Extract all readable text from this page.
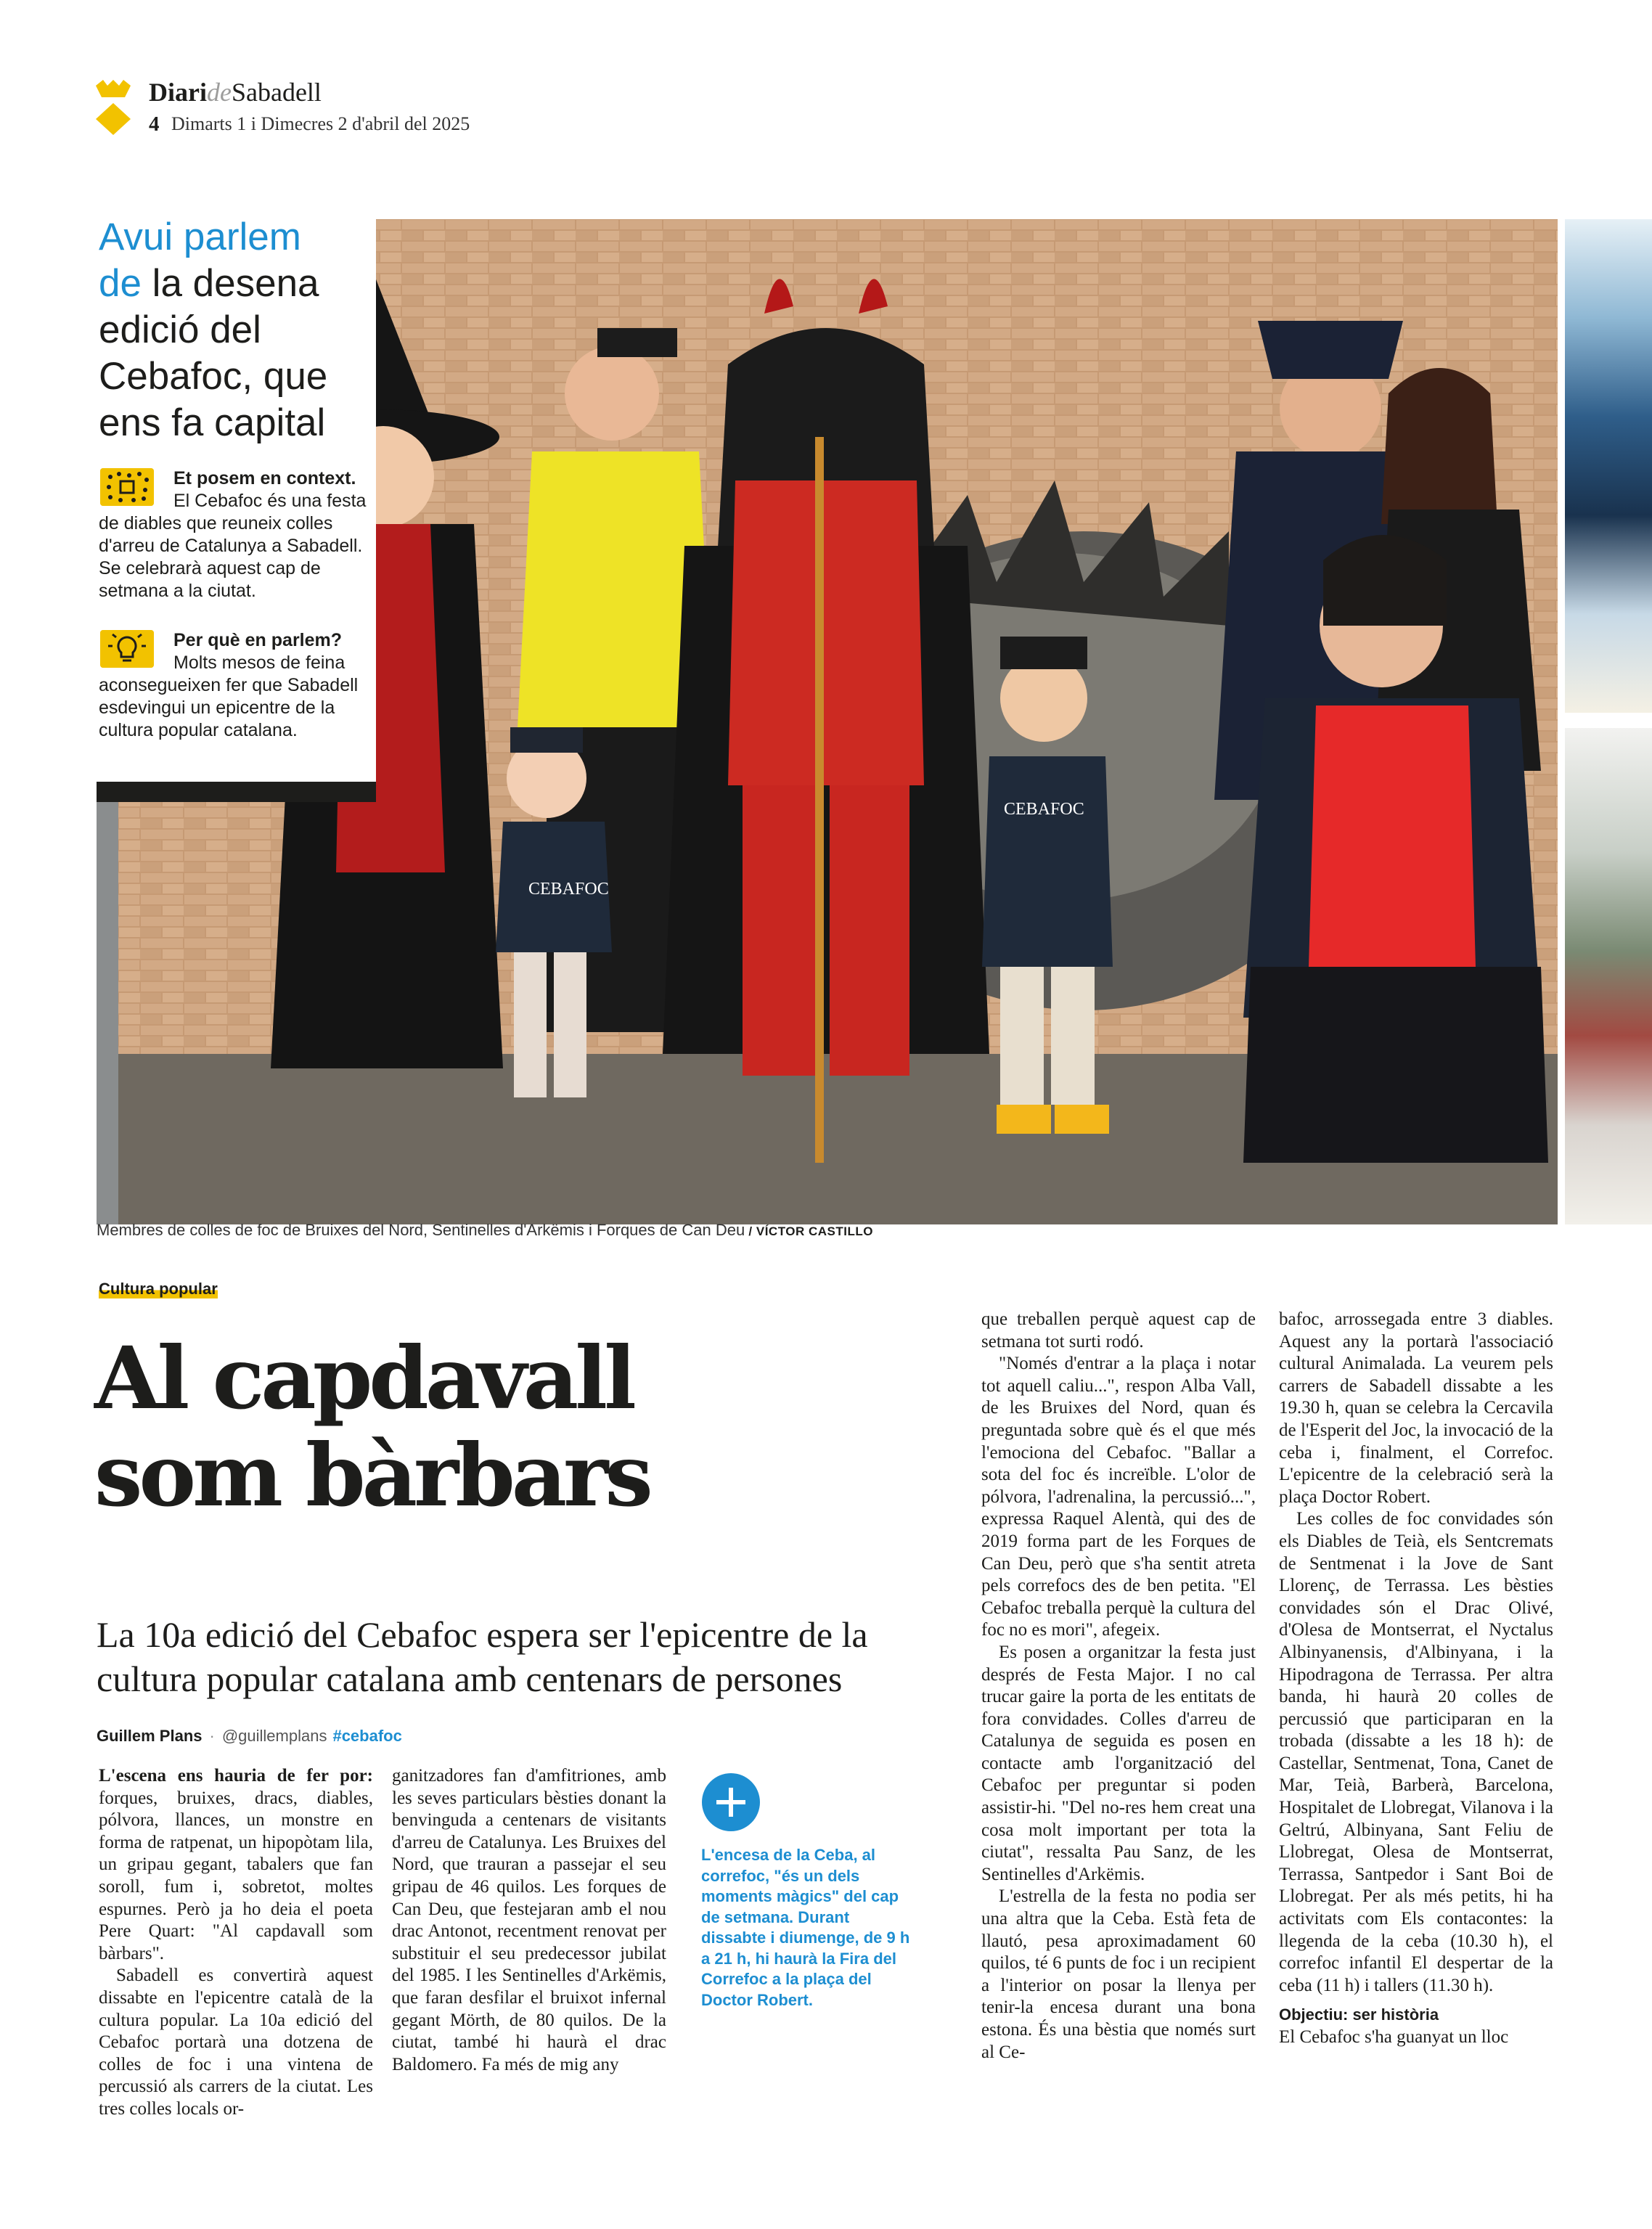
DiarideSabadell
4 Dimarts 1 i Dimecres 2 d'abril del 2025
CEBAFOC
CEBAFOC
Avui parlem
de la desena edició del Cebafoc, que ens fa capital
Et posem en context.

El Cebafoc és una festa de diables que reuneix colles d'arreu de Catalunya a Sabadell. Se celebrarà aquest cap de setmana a la ciutat.
Per què en parlem?

Molts mesos de feina aconsegueixen fer que Sabadell esdevingui un epicentre de la cultura popular catalana.
Membres de colles de foc de Bruixes del Nord, Sentinelles d'Arkëmis i Forques de Can Deu / VÍCTOR CASTILLO
Cultura popular
Al capdavall
som bàrbars
La 10a edició del Cebafoc espera ser l'epicentre de la cultura popular catalana amb centenars de persones
Guillem Plans · @guillemplans #cebafoc

L'escena ens hauria de fer por: forques, bruixes, dracs, diables, pólvora, llances, un monstre en forma de ratpenat, un hipopòtam lila, un gripau gegant, tabalers que fan soroll, fum i, sobretot, moltes espurnes. Però ja ho deia el poeta Pere Quart: "Al capdavall som bàrbars".

Sabadell es convertirà aquest dissabte en l'epicentre català de la cultura popular. La 10a edició del Cebafoc portarà una dotzena de colles de foc i una vintena de percussió als carrers de la ciutat. Les tres colles locals or-

ganitzadores fan d'amfitriones, amb les seves particulars bèsties donant la benvinguda a centenars de visitants d'arreu de Catalunya. Les Bruixes del Nord, que trauran a passejar el seu gripau de 46 quilos. Les forques de Can Deu, que festejaran amb el nou drac Antonot, recentment renovat per substituir el seu predecessor jubilat del 1985. I les Sentinelles d'Arkëmis, que faran desfilar el bruixot infernal gegant Mörth, de 80 quilos. De la ciutat, també hi haurà el drac Baldomero. Fa més de mig any

L'encesa de la Ceba, al correfoc, "és un dels moments màgics" del cap de setmana. Durant dissabte i diumenge, de 9 h a 21 h, hi haurà la Fira del Correfoc a la plaça del Doctor Robert.

que treballen perquè aquest cap de setmana tot surti rodó.

"Només d'entrar a la plaça i notar tot aquell caliu...", respon Alba Vall, de les Bruixes del Nord, quan és preguntada sobre què és el que més l'emociona del Cebafoc. "Ballar a sota del foc és increïble. L'olor de pólvora, l'adrenalina, la percussió...", expressa Raquel Alentà, qui des de 2019 forma part de les Forques de Can Deu, però que s'ha sentit atreta pels correfocs des de ben petita. "El Cebafoc treballa perquè la cultura del foc no es mori", afegeix.

Es posen a organitzar la festa just després de Festa Major. I no cal trucar gaire la porta de les entitats de fora convidades. Colles d'arreu de Catalunya de seguida es posen en contacte amb l'organització del Cebafoc per preguntar si poden assistir-hi. "Del no-res hem creat una cosa molt important per tota la ciutat", ressalta Pau Sanz, de les Sentinelles d'Arkëmis.

L'estrella de la festa no podia ser una altra que la Ceba. Està feta de llautó, pesa aproximadament 60 quilos, té 6 punts de foc i un recipient a l'interior on posar la llenya per tenir-la encesa durant una bona estona. És una bèstia que només surt al Ce-

bafoc, arrossegada entre 3 diables. Aquest any la portarà l'associació cultural Animalada. La veurem pels carrers de Sabadell dissabte a les 19.30 h, quan se celebra la Cercavila de l'Esperit del Joc, la invocació de la ceba i, finalment, el Correfoc. L'epicentre de la celebració serà la plaça Doctor Robert.

Les colles de foc convidades són els Diables de Teià, els Sentcremats de Sentmenat i la Jove de Sant Llorenç, de Terrassa. Les bèsties convidades són el Drac Olivé, d'Olesa de Montserrat, el Nyctalus Albinyanensis, d'Albinyana, i la Hipodragona de Terrassa. Per altra banda, hi haurà 20 colles de percussió que participaran en la trobada (dissabte a les 18 h): de Castellar, Sentmenat, Tona, Canet de Mar, Teià, Barberà, Barcelona, Hospitalet de Llobregat, Vilanova i la Geltrú, Albinyana, Sant Feliu de Llobregat, Olesa de Montserrat, Terrassa, Santpedor i Sant Boi de Llobregat. Per als més petits, hi ha activitats com Els contacontes: la llegenda de la ceba (10.30 h), el correfoc infantil El despertar de la ceba (11 h) i tallers (11.30 h).

Objectiu: ser història

El Cebafoc s'ha guanyat un lloc
